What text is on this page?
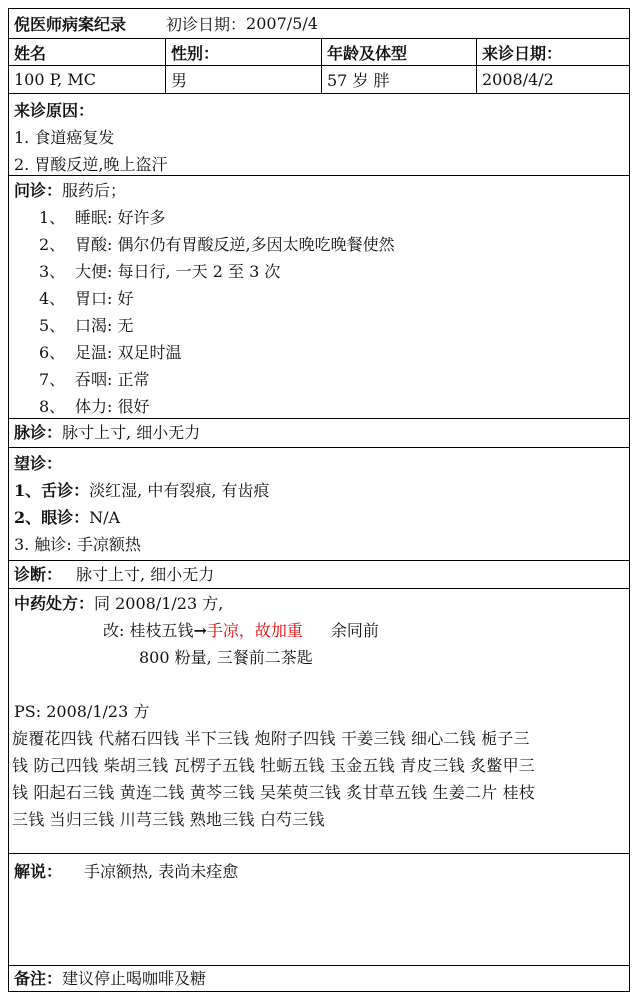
倪医师病案纪录	初诊日期： 2007/5/4
姓名	性别：	年龄及体型	来诊日期：
100 P, MC	男	57 岁 胖	2008/4/2
来诊原因：
1. 食道癌复发
2. 胃酸反逆,晚上盗汗
问诊：服药后；
1、 睡眠: 好许多
2、 胃酸: 偶尔仍有胃酸反逆,多因太晚吃晚餐使然
3、 大便: 每日行, 一天 2 至 3 次
4、 胃口: 好
5、 口渴: 无
6、 足温: 双足时温
7、 吞咽: 正常
8、 体力: 很好
脉诊：脉寸上寸, 细小无力
望诊：
1、舌诊：淡红湿, 中有裂痕, 有齿痕
2、眼诊：N/A
3. 触诊: 手凉额热
诊断： 脉寸上寸, 细小无力
中药处方：同 2008/1/23 方,
改: 桂枝五钱→手凉，故加重 余同前
800 粉量, 三餐前二茶匙
PS: 2008/1/23 方
旋覆花四钱 代赭石四钱 半下三钱 炮附子四钱 干姜三钱 细心二钱 栀子三
钱 防己四钱 柴胡三钱 瓦楞子五钱 牡蛎五钱 玉金五钱 青皮三钱 炙鳖甲三
钱 阳起石三钱 黄连二钱 黄芩三钱 吴茱萸三钱 炙甘草五钱 生姜二片 桂枝
三钱 当归三钱 川芎三钱 熟地三钱 白芍三钱
解说： 手凉额热, 表尚未痊愈
备注：建议停止喝咖啡及糖
